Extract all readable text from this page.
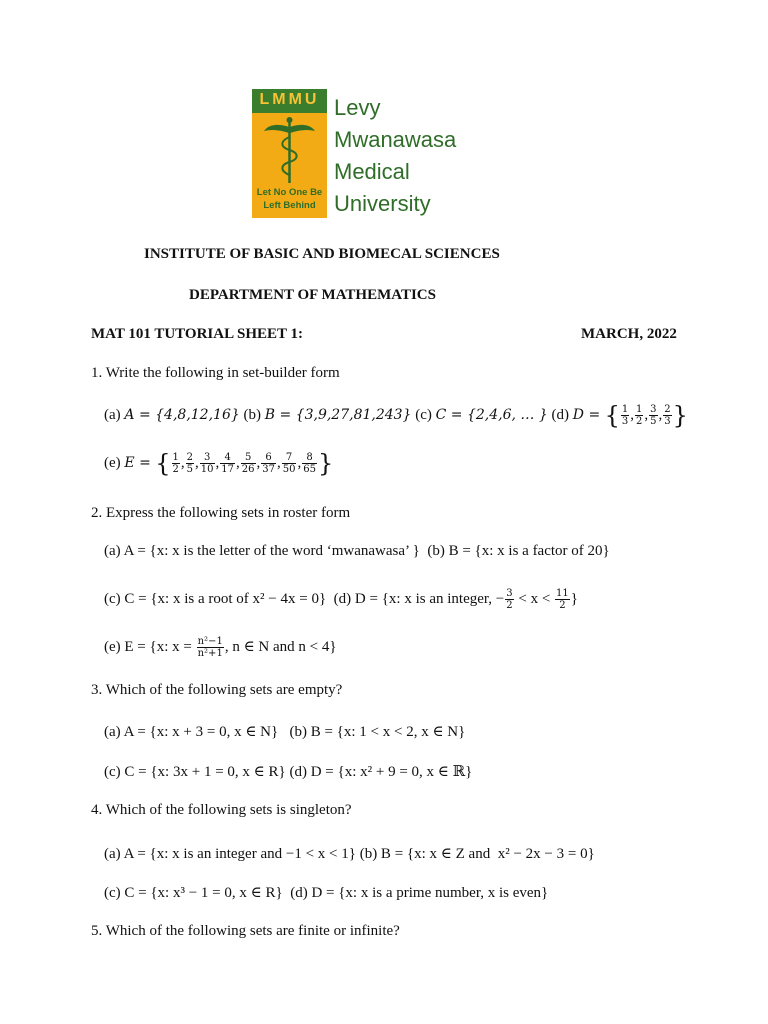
LMMU
Let No One Be
Left Behind
Levy
Mwanawasa
Medical
University
INSTITUTE OF BASIC AND BIOMECAL SCIENCES
DEPARTMENT OF MATHEMATICS
MAT 101 TUTORIAL SHEET 1:	MARCH, 2022
1. Write the following in set-builder form
(a) A = {4,8,12,16} (b) B = {3,9,27,81,243} (c) C = {2,4,6, … } (d) D = { $\frac{1}{3}$ , $\frac{1}{2}$ , $\frac{3}{5}$ , $\frac{2}{3}$ }
(e) E = { $\frac{1}{2}$ , $\frac{2}{5}$ , $\frac{3}{10}$ , $\frac{4}{17}$ , $\frac{5}{26}$ , $\frac{6}{37}$ , $\frac{7}{50}$ , $\frac{8}{65}$ }
2. Express the following sets in roster form
(a) A = {x: x is the letter of the word ‘mwanawasa’ } (b) B = {x: x is a factor of 20}
(c) C = {x: x is a root of x² − 4x = 0} (d) D = {x: x is an integer, − $\frac{3}{2} < x < \frac{11}{2}$ }
(e) E = {x: $x = \frac{\text{n²−1}}{\text{n²+1}}$ , n ∈ N and n < 4}
3. Which of the following sets are empty?
(a) A = {x: x + 3 = 0, x ∈ N}   (b) B = {x: 1 < x < 2, x ∈ N}
(c) C = {x: 3x + 1 = 0, x ∈ R} (d) D = {x: x² + 9 = 0, x ∈ ℝ}
4. Which of the following sets is singleton?
(a) A = {x: x is an integer and −1 < x < 1} (b) B = {x: x ∈ Z and  x² − 2x − 3 = 0}
(c) C = {x: x³ − 1 = 0, x ∈ R}  (d) D = {x: x is a prime number, x is even}
5. Which of the following sets are finite or infinite?
